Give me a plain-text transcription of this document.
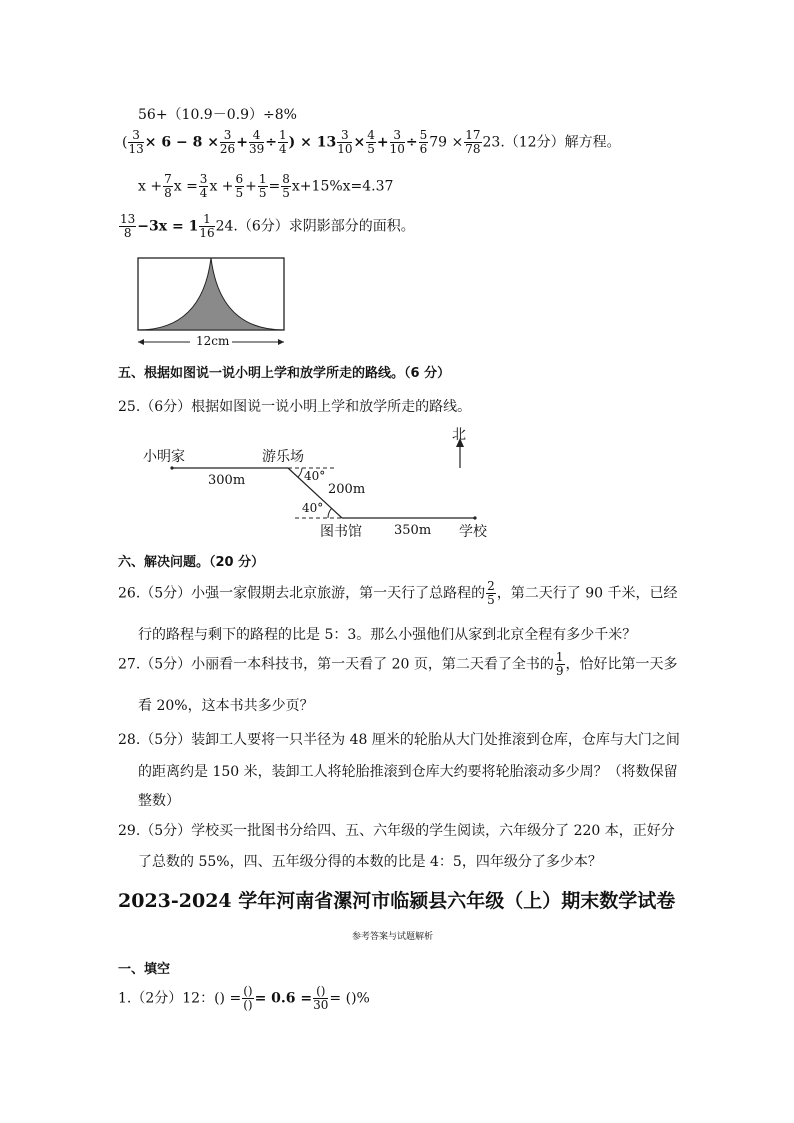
56+（10.9－0.9）÷8%
( $\frac{3}{13} \times 6 - 8 \times \frac{3}{26} + \frac{4}{39} \div \frac{1}{4}$ ) × $13 \frac{3}{10} \times \frac{4}{5} + \frac{3}{10} \div \frac{5}{6} 79 \times \frac{17}{78} 23.(12$分）解方程。
$x + \frac{7}{8}$ $x = \frac{3}{4}$ $x + \frac{6}{5} + \frac{1}{5} = \frac{8}{5} x+15\%x=4.37$
$\frac{13}{8} -3x = 1 \frac{1}{16} 24.(6$分）求阴影部分的面积。
12cm
五、根据如图说一说小明上学和放学所走的路线。（6 分）
25.（6分）根据如图说一说小明上学和放学所走的路线。
北
小明家	游乐场
300m	40°
200m
40°
图书馆 350m 学校
六、解决问题。（20 分）
26.（5分）小强一家假期去北京旅游，第一天行了总路程的 $\frac{2}{5}$ ，第二天行了 90 千米，已经
行的路程与剩下的路程的比是 5：3。那么小强他们从家到北京全程有多少千米？
27.（5分）小丽看一本科技书，第一天看了 20 页，第二天看了全书的 $\frac{1}{9}$ ，恰好比第一天多
看 20%，这本书共多少页？
28.（5分）装卸工人要将一只半径为 48 厘米的轮胎从大门处推滚到仓库，仓库与大门之间
的距离约是 150 米，装卸工人将轮胎推滚到仓库大约要将轮胎滚动多少周？（将数保留
整数）
29.（5分）学校买一批图书分给四、五、六年级的学生阅读，六年级分了 220 本，正好分
了总数的 55%，四、五年级分得的本数的比是 4：5，四年级分了多少本？
2023-2024 学年河南省漯河市临颍县六年级（上）期末数学试卷
参考答案与试题解析
一、填空
1.（2分）12：() = $\frac{()}{()} = 0.6 = \frac{()}{30}$ = ()%
